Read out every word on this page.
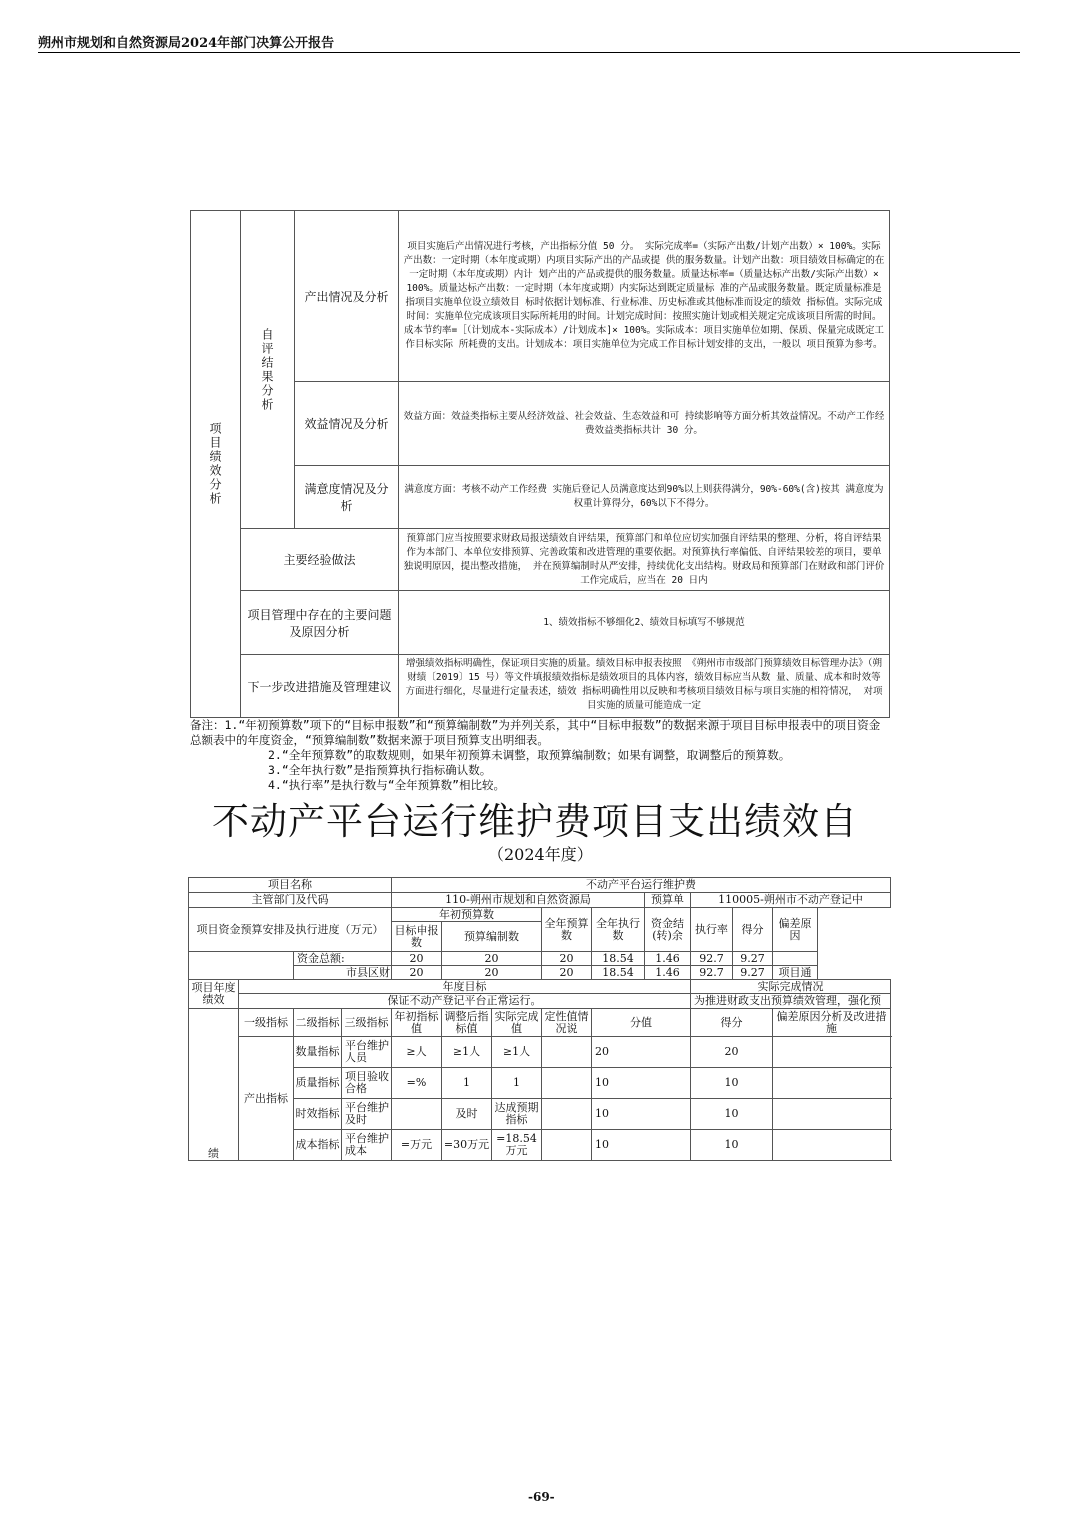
朔州市规划和自然资源局2024年部门决算公开报告
项目绩效分析	自评结果分析	产出情况及分析	项目实施后产出情况进行考核，产出指标分值 50 分。 实际完成率=（实际产出数/计划产出数）× 100%。实际产出数：一定时期（本年度或期）内项目实际产出的产品或提 供的服务数量。计划产出数：项目绩效目标确定的在一定时期（本年度或期）内计 划产出的产品或提供的服务数量。质量达标率=（质量达标产出数/实际产出数）× 100%。质量达标产出数：一定时期（本年度或期）内实际达到既定质量标 准的产品或服务数量。既定质量标准是指项目实施单位设立绩效目 标时依据计划标准、行业标准、历史标准或其他标准而设定的绩效 指标值。实际完成时间：实施单位完成该项目实际所耗用的时间。计划完成时间：按照实施计划或相关规定完成该项目所需的时间。 成本节约率=［（计划成本-实际成本）/计划成本]× 100%。实际成本：项目实施单位如期、保质、保量完成既定工作目标实际 所耗费的支出。计划成本：项目实施单位为完成工作目标计划安排的支出，一般以 项目预算为参考。
		效益情况及分析	效益方面：效益类指标主要从经济效益、社会效益、生态效益和可 持续影响等方面分析其效益情况。不动产工作经费效益类指标共计 30 分。
		满意度情况及分析	满意度方面：考核不动产工作经费 实施后登记人员满意度达到90%以上则获得满分，90%-60%(含)按其 满意度为权重计算得分，60%以下不得分。
	主要经验做法		预算部门应当按照要求财政局报送绩效自评结果，预算部门和单位应切实加强自评结果的整理、分析，将自评结果作为本部门、本单位安排预算、完善政策和改进管理的重要依据。对预算执行率偏低、自评结果较差的项目，要单独说明原因，提出整改措施， 并在预算编制时从严安排，持续优化支出结构。财政局和预算部门在财政和部门评价工作完成后，应当在 20 日内

	项目管理中存在的主要问题及原因分析		1、绩效指标不够细化2、绩效目标填写不够规范
	下一步改进措施及管理建议		增强绩效指标明确性，保证项目实施的质量。绩效目标申报表按照 《朔州市市级部门预算绩效目标管理办法》（朔财绩〔2019〕15 号）等文件填报绩效指标是绩效项目的具体内容，绩效目标应当从数 量、质量、成本和时效等方面进行细化，尽量进行定量表述，绩效 指标明确性用以反映和考核项目绩效目标与项目实施的相符情况， 对项目实施的质量可能造成一定
备注：1.“年初预算数”项下的“目标申报数”和“预算编制数”为并列关系，其中“目标申报数”的数据来源于项目目标申报表中的项目资金总额表中的年度资金，“预算编制数”数据来源于项目预算支出明细表。
2.“全年预算数”的取数规则，如果年初预算未调整，取预算编制数；如果有调整，取调整后的预算数。
3.“全年执行数”是指预算执行指标确认数。
4.“执行率”是执行数与“全年预算数”相比较。
不动产平台运行维护费项目支出绩效自
（2024年度）
项目名称				不动产平台运行维护费								
主管部门及代码				110-朔州市规划和自然资源局					预算单	110005-朔州市不动产登记中		
项目资金预算安排及执行进度（万元）				年初预算数			全年预算数	全年执行数	资金结(转)余	执行率	得分	偏差原因
				目标申报数	预算编制数							
		资金总额:		20	20		20	18.54	1.46	92.7	9.27	
		市县区财		20	20		20	18.54	1.46	92.7	9.27	项目通
项目年度绩效	年度目标									实际完成情况		
	保证不动产登记平台正常运行。									为推进财政支出预算绩效管理，强化预		
绩	一级指标	二级指标	三级指标	年初指标值	调整后指标值	实际完成值	定性值情况说	分值		得分		偏差原因分析及改进措施
	产出指标	数量指标	平台维护人员	≥人	≥1人	≥1人		20		20		
		质量指标	项目验收合格	=%	1	1		10		10		
		时效指标	平台维护及时		及时	达成预期指标		10		10		
		成本指标	平台维护成本	=万元	=30万元	=18.54万元		10		10		
-69-
